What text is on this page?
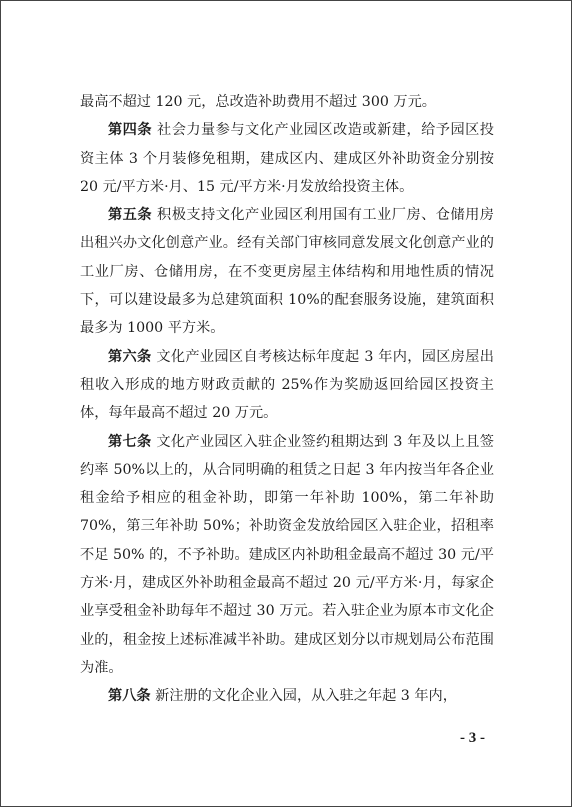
最高不超过 120 元，总改造补助费用不超过 300 万元。

第四条 社会力量参与文化产业园区改造或新建，给予园区投资主体 3 个月装修免租期，建成区内、建成区外补助资金分别按 20 元/平方米·月、15 元/平方米·月发放给投资主体。

第五条 积极支持文化产业园区利用国有工业厂房、仓储用房出租兴办文化创意产业。经有关部门审核同意发展文化创意产业的工业厂房、仓储用房，在不变更房屋主体结构和用地性质的情况下，可以建设最多为总建筑面积 10%的配套服务设施，建筑面积最多为 1000 平方米。

第六条 文化产业园区自考核达标年度起 3 年内，园区房屋出租收入形成的地方财政贡献的 25%作为奖励返回给园区投资主体，每年最高不超过 20 万元。

第七条 文化产业园区入驻企业签约租期达到 3 年及以上且签约率 50%以上的，从合同明确的租赁之日起 3 年内按当年各企业租金给予相应的租金补助，即第一年补助 100%，第二年补助 70%，第三年补助 50%；补助资金发放给园区入驻企业，招租率不足 50% 的，不予补助。建成区内补助租金最高不超过 30 元/平方米·月，建成区外补助租金最高不超过 20 元/平方米·月，每家企业享受租金补助每年不超过 30 万元。若入驻企业为原本市文化企业的，租金按上述标准减半补助。建成区划分以市规划局公布范围为准。

第八条 新注册的文化企业入园，从入驻之年起 3 年内，

- 3 -
